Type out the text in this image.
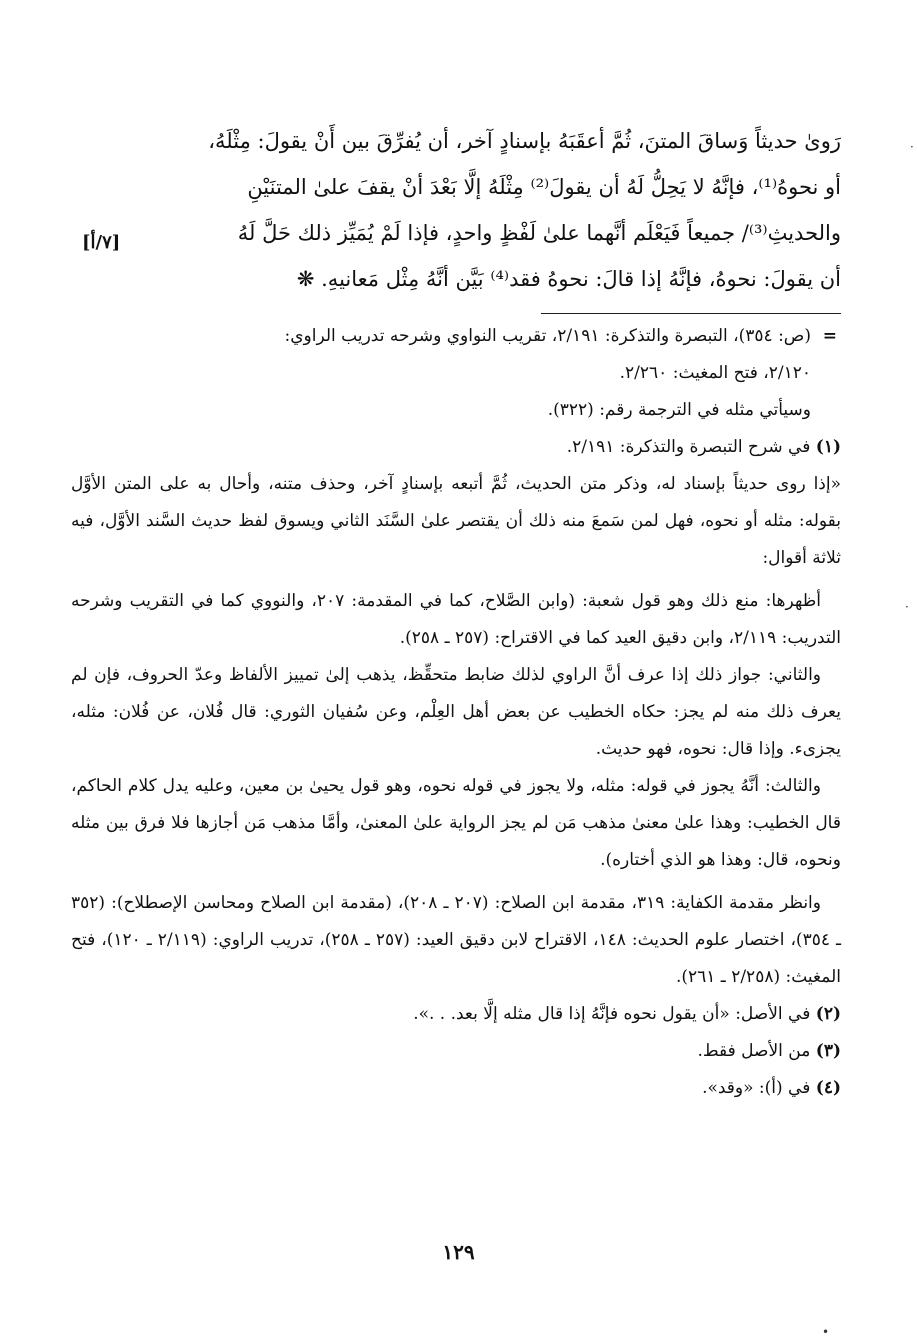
رَوىٰ حديثاً وَساقَ المتنَ، ثُمَّ أعقَبَهُ بإسنادٍ آخر، أن يُفرِّقَ بين أَنْ يقولَ: مِثْلَهُ،

أو نحوهُ⁽¹⁾، فإنَّهُ لا يَحِلُّ لَهُ أن يقولَ⁽²⁾ مِثْلَهُ إلَّا بَعْدَ أنْ يقفَ علىٰ المتنَيْنِ

والحديثِ⁽³⁾/ جميعاً فَيَعْلَم أنَّهما علىٰ لَفْظٍ واحدٍ، فإذا لَمْ يُمَيِّز ذلك حَلَّ لَهُ

أن يقولَ: نحوهُ، فإنَّهُ إذا قالَ: نحوهُ فقد⁽⁴⁾ بَيَّن أنَّهُ مِثْل مَعانيهِ. ❋

[٧/أ]
=

(ص: ٣٥٤)، التبصرة والتذكرة: ٢/١٩١، تقريب النواوي وشرحه تدريب الراوي:

٢/١٢٠، فتح المغيث: ٢/٢٦٠.

وسيأتي مثله في الترجمة رقم: (٣٢٢).

(١) في شرح التبصرة والتذكرة: ٢/١٩١.

«إذا روى حديثاً بإسناد له، وذكر متن الحديث، ثُمَّ أتبعه بإسنادٍ آخر، وحذف متنه، وأحال به على المتن الأوَّل بقوله: مثله أو نحوه، فهل لمن سَمعَ منه ذلك أن يقتصر علىٰ السَّنَد الثاني ويسوق لفظ حديث السَّند الأوَّل، فيه ثلاثة أقوال:

أظهرها: منع ذلك وهو قول شعبة: (وابن الصَّلاح، كما في المقدمة: ٢٠٧، والنووي كما في التقريب وشرحه التدريب: ٢/١١٩، وابن دقيق العيد كما في الاقتراح: (٢٥٧ ـ ٢٥٨).

والثاني: جواز ذلك إذا عرف أنَّ الراوي لذلك ضابط متحقِّظ، يذهب إلىٰ تمييز الألفاظ وعدّ الحروف، فإن لم يعرف ذلك منه لم يجز: حكاه الخطيب عن بعض أهل العِلْم، وعن سُفيان الثوري: قال فُلان، عن فُلان: مثله، يجزىء. وإذا قال: نحوه، فهو حديث.

والثالث: أنَّهُ يجوز في قوله: مثله، ولا يجوز في قوله نحوه، وهو قول يحيىٰ بن معين، وعليه يدل كلام الحاكم، قال الخطيب: وهذا علىٰ معنىٰ مذهب مَن لم يجز الرواية علىٰ المعنىٰ، وأمَّا مذهب مَن أجازها فلا فرق بين مثله ونحوه، قال: وهذا هو الذي أختاره).

وانظر مقدمة الكفاية: ٣١٩، مقدمة ابن الصلاح: (٢٠٧ ـ ٢٠٨)، (مقدمة ابن الصلاح ومحاسن الإصطلاح): (٣٥٢ ـ ٣٥٤)، اختصار علوم الحديث: ١٤٨، الاقتراح لابن دقيق العيد: (٢٥٧ ـ ٢٥٨)، تدريب الراوي: (٢/١١٩ ـ ١٢٠)، فتح المغيث: (٢/٢٥٨ ـ ٢٦١).

(٢) في الأصل: «أن يقول نحوه فإنَّهُ إذا قال مثله إلَّا بعد. . .».

(٣) من الأصل فقط.

(٤) في (أ): «وقد».

١٢٩
·
·
•
